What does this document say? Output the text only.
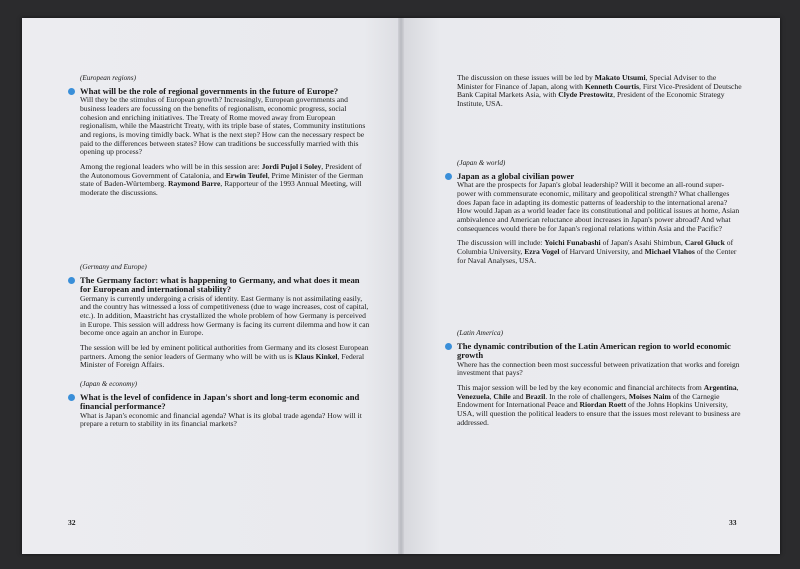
(European regions)
What will be the role of regional governments in the future of Europe?

Will they be the stimulus of European growth? Increasingly, European governments and business leaders are focussing on the benefits of regionalism, economic progress, social cohesion and enriching initiatives. The Treaty of Rome moved away from European regionalism, while the Maastricht Treaty, with its triple base of states, Community institutions and regions, is moving timidly back. What is the next step? How can the necessary respect be paid to the differences between states? How can traditions be successfully married with this opening up process?

Among the regional leaders who will be in this session are: Jordi Pujol i Soley, President of the Autonomous Government of Catalonia, and Erwin Teufel, Prime Minister of the German state of Baden-Würtemberg. Raymond Barre, Rapporteur of the 1993 Annual Meeting, will moderate the discussions.

(Germany and Europe)
The Germany factor: what is happening to Germany, and what does it mean for European and international stability?

Germany is currently undergoing a crisis of identity. East Germany is not assimilating easily, and the country has witnessed a loss of competitiveness (due to wage increases, cost of capital, etc.). In addition, Maastricht has crystallized the whole problem of how Germany is perceived in Europe. This session will address how Germany is facing its current dilemma and how it can become once again an anchor in Europe.

The session will be led by eminent political authorities from Germany and its closest European partners. Among the senior leaders of Germany who will be with us is Klaus Kinkel, Federal Minister of Foreign Affairs.

(Japan & economy)
What is the level of confidence in Japan's short and long-term economic and financial performance?

What is Japan's economic and financial agenda? What is its global trade agenda? How will it prepare a return to stability in its financial markets?

32

The discussion on these issues will be led by Makato Utsumi, Special Adviser to the Minister for Finance of Japan, along with Kenneth Courtis, First Vice-President of Deutsche Bank Capital Markets Asia, with Clyde Prestowitz, President of the Economic Strategy Institute, USA.

(Japan & world)
Japan as a global civilian power

What are the prospects for Japan's global leadership? Will it become an all-round super-power with commensurate economic, military and geopolitical strength? What challenges does Japan face in adapting its domestic patterns of leadership to the international arena? How would Japan as a world leader face its constitutional and political issues at home, Asian ambivalence and American reluctance about increases in Japan's power abroad? And what consequences would there be for Japan's regional relations within Asia and the Pacific?

The discussion will include: Yoichi Funabashi of Japan's Asahi Shimbun, Carol Gluck of Columbia University, Ezra Vogel of Harvard University, and Michael Vlahos of the Center for Naval Analyses, USA.

(Latin America)
The dynamic contribution of the Latin American region to world economic growth

Where has the connection been most successful between privatization that works and foreign investment that pays?

This major session will be led by the key economic and financial architects from Argentina, Venezuela, Chile and Brazil. In the role of challengers, Moises Naim of the Carnegie Endowment for International Peace and Riordan Roett of the Johns Hopkins University, USA, will question the political leaders to ensure that the issues most relevant to business are addressed.

33
